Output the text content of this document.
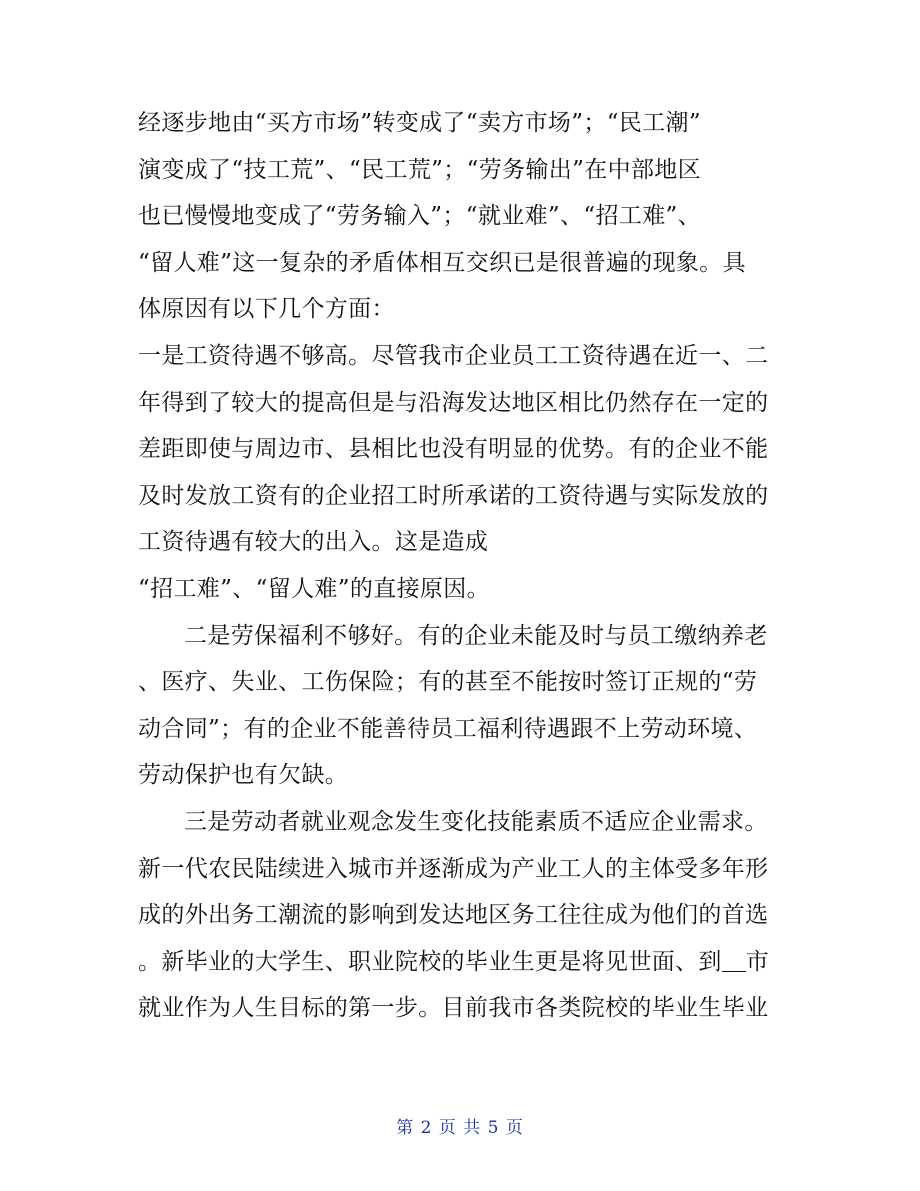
经逐步地由“买方市场”转变成了“卖方市场”；“民工潮”
演变成了“技工荒”、“民工荒”；“劳务输出”在中部地区
也已慢慢地变成了“劳务输入”；“就业难”、“招工难”、
“留人难”这一复杂的矛盾体相互交织已是很普遍的现象。具
体原因有以下几个方面：
一是工资待遇不够高。尽管我市企业员工工资待遇在近一、二
年得到了较大的提高但是与沿海发达地区相比仍然存在一定的
差距即使与周边市、县相比也没有明显的优势。有的企业不能
及时发放工资有的企业招工时所承诺的工资待遇与实际发放的
工资待遇有较大的出入。这是造成
“招工难”、“留人难”的直接原因。
二是劳保福利不够好。有的企业未能及时与员工缴纳养老
、医疗、失业、工伤保险；有的甚至不能按时签订正规的“劳
动合同”；有的企业不能善待员工福利待遇跟不上劳动环境、
劳动保护也有欠缺。
三是劳动者就业观念发生变化技能素质不适应企业需求。
新一代农民陆续进入城市并逐渐成为产业工人的主体受多年形
成的外出务工潮流的影响到发达地区务工往往成为他们的首选
。新毕业的大学生、职业院校的毕业生更是将见世面、到 市
就业作为人生目标的第一步。目前我市各类院校的毕业生毕业
第 2 页 共 5 页
